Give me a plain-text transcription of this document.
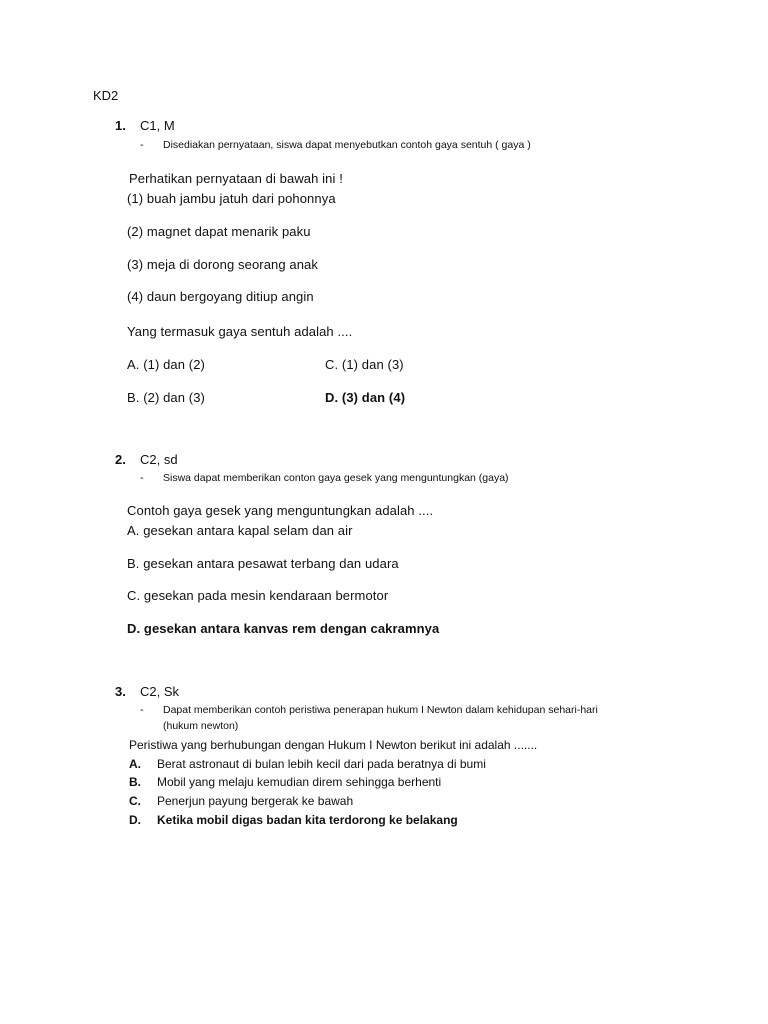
KD2
1. C1, M
- Disediakan pernyataan, siswa dapat menyebutkan contoh gaya sentuh ( gaya )
Perhatikan pernyataan di bawah ini !
(1) buah jambu jatuh dari pohonnya
(2) magnet dapat menarik paku
(3) meja di dorong seorang anak
(4) daun bergoyang ditiup angin
Yang termasuk gaya sentuh adalah ....
A. (1) dan (2)	C. (1) dan (3)
B. (2) dan (3)	D. (3) dan (4)
2. C2, sd
- Siswa dapat memberikan conton gaya gesek yang menguntungkan (gaya)
Contoh gaya gesek yang menguntungkan adalah ....
A. gesekan antara kapal selam dan air
B. gesekan antara pesawat terbang dan udara
C. gesekan pada mesin kendaraan bermotor
D. gesekan antara kanvas rem dengan cakramnya
3. C2, Sk
- Dapat memberikan contoh peristiwa penerapan hukum I Newton dalam kehidupan sehari-hari
(hukum newton)
Peristiwa yang berhubungan dengan Hukum I Newton berikut ini adalah .......
A. Berat astronaut di bulan lebih kecil dari pada beratnya di bumi
B. Mobil yang melaju kemudian direm sehingga berhenti
C. Penerjun payung bergerak ke bawah
D. Ketika mobil digas badan kita terdorong ke belakang
